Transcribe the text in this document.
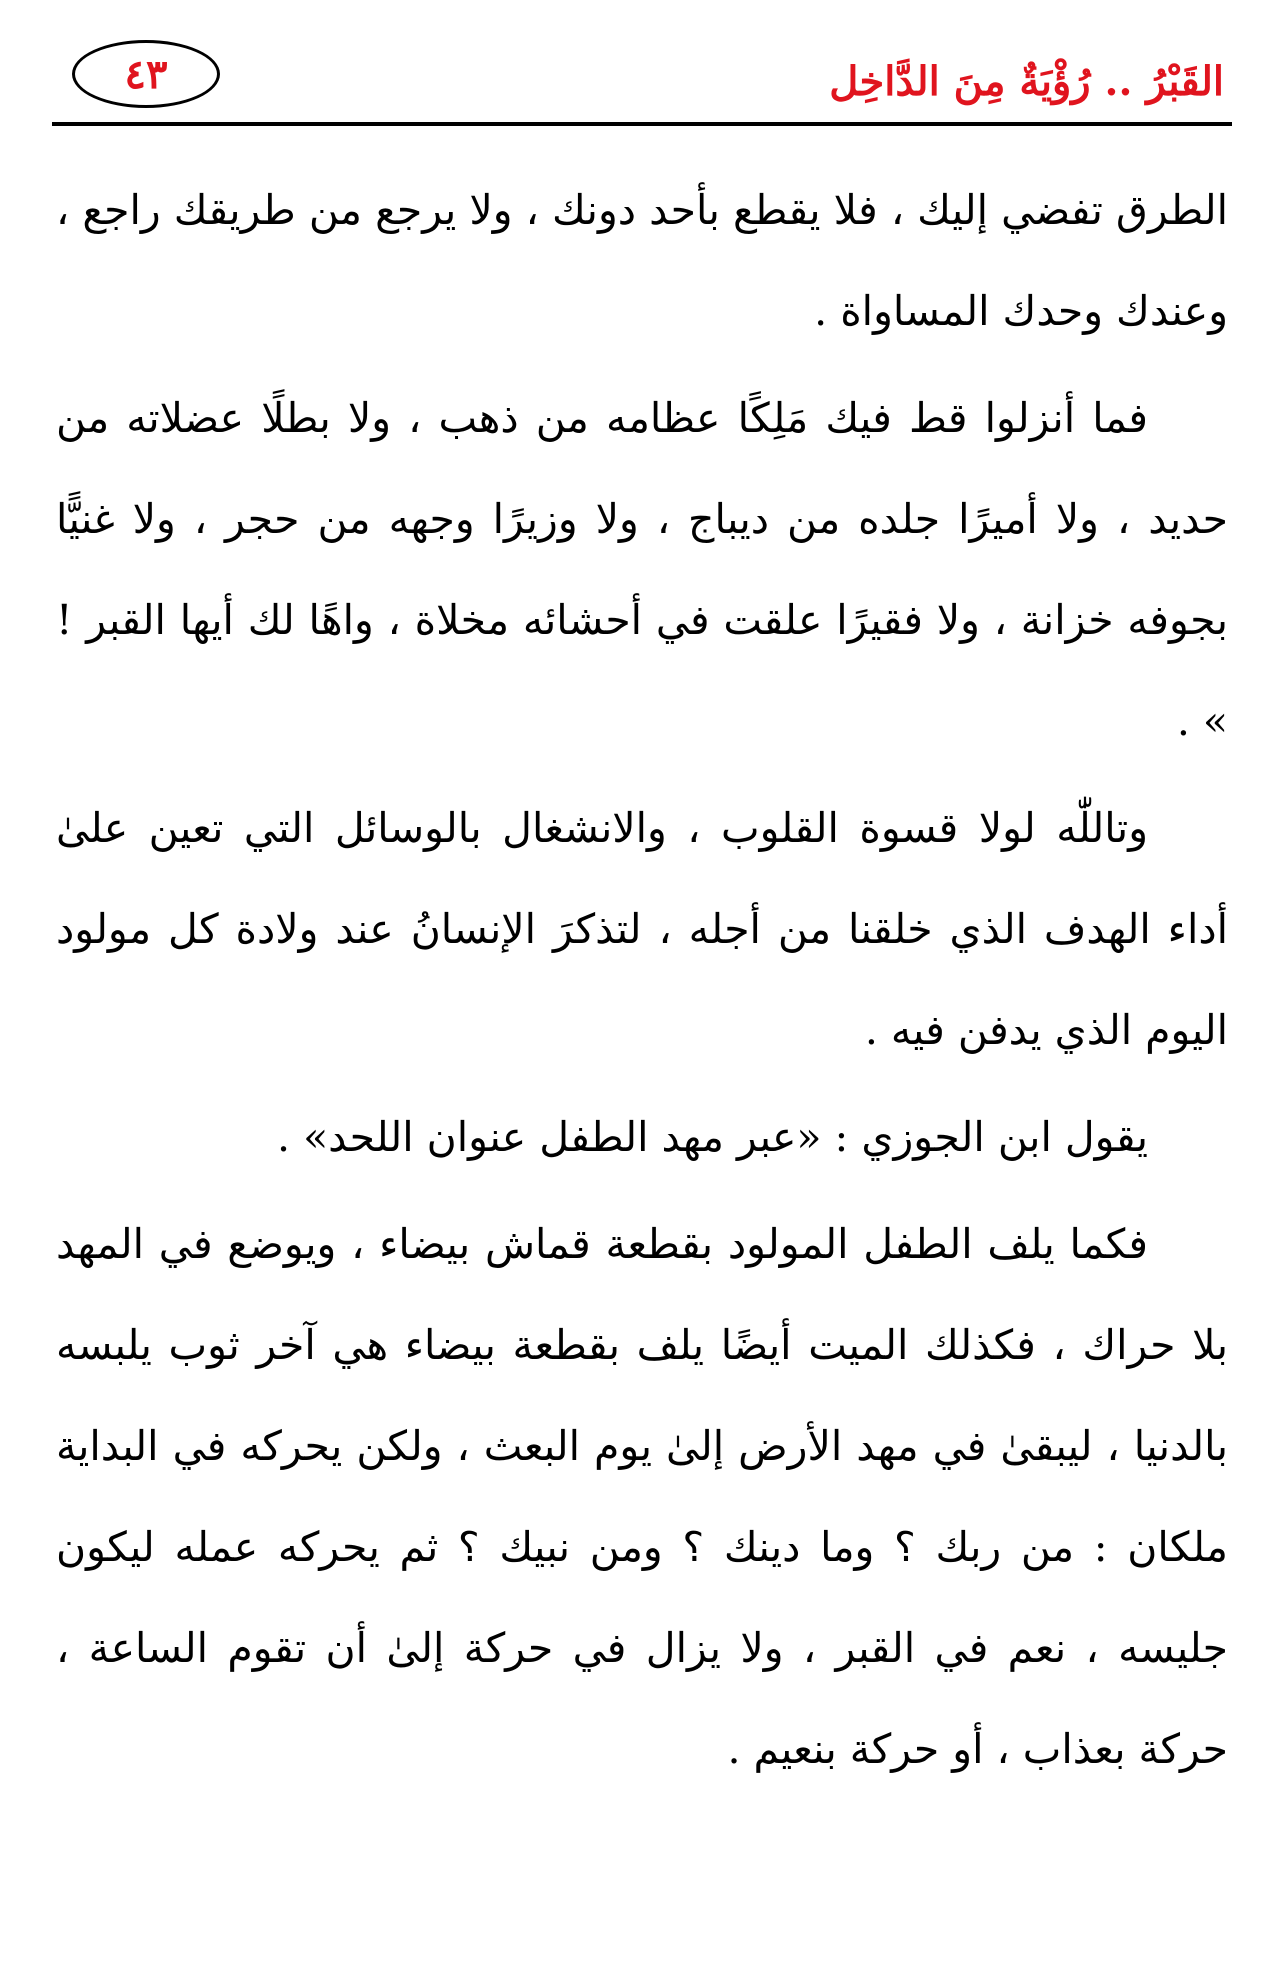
القَبْرُ .. رُؤْيَةٌ مِنَ الدَّاخِل
٤٣

الطرق تفضي إليك ، فلا يقطع بأحد دونك ، ولا يرجع من طريقك راجع ، وعندك وحدك المساواة .

فما أنزلوا قط فيك مَلِكًا عظامه من ذهب ، ولا بطلًا عضلاته من حديد ، ولا أميرًا جلده من ديباج ، ولا وزيرًا وجهه من حجر ، ولا غنيًّا بجوفه خزانة ، ولا فقيرًا علقت في أحشائه مخلاة ، واهًا لك أيها القبر ! » .

وتاللّٰه لولا قسوة القلوب ، والانشغال بالوسائل التي تعين علىٰ أداء الهدف الذي خلقنا من أجله ، لتذكرَ الإنسانُ عند ولادة كل مولود اليوم الذي يدفن فيه .

يقول ابن الجوزي : «عبر مهد الطفل عنوان اللحد» .

فكما يلف الطفل المولود بقطعة قماش بيضاء ، ويوضع في المهد بلا حراك ، فكذلك الميت أيضًا يلف بقطعة بيضاء هي آخر ثوب يلبسه بالدنيا ، ليبقىٰ في مهد الأرض إلىٰ يوم البعث ، ولكن يحركه في البداية ملكان : من ربك ؟ وما دينك ؟ ومن نبيك ؟ ثم يحركه عمله ليكون جليسه ، نعم في القبر ، ولا يزال في حركة إلىٰ أن تقوم الساعة ، حركة بعذاب ، أو حركة بنعيم .
